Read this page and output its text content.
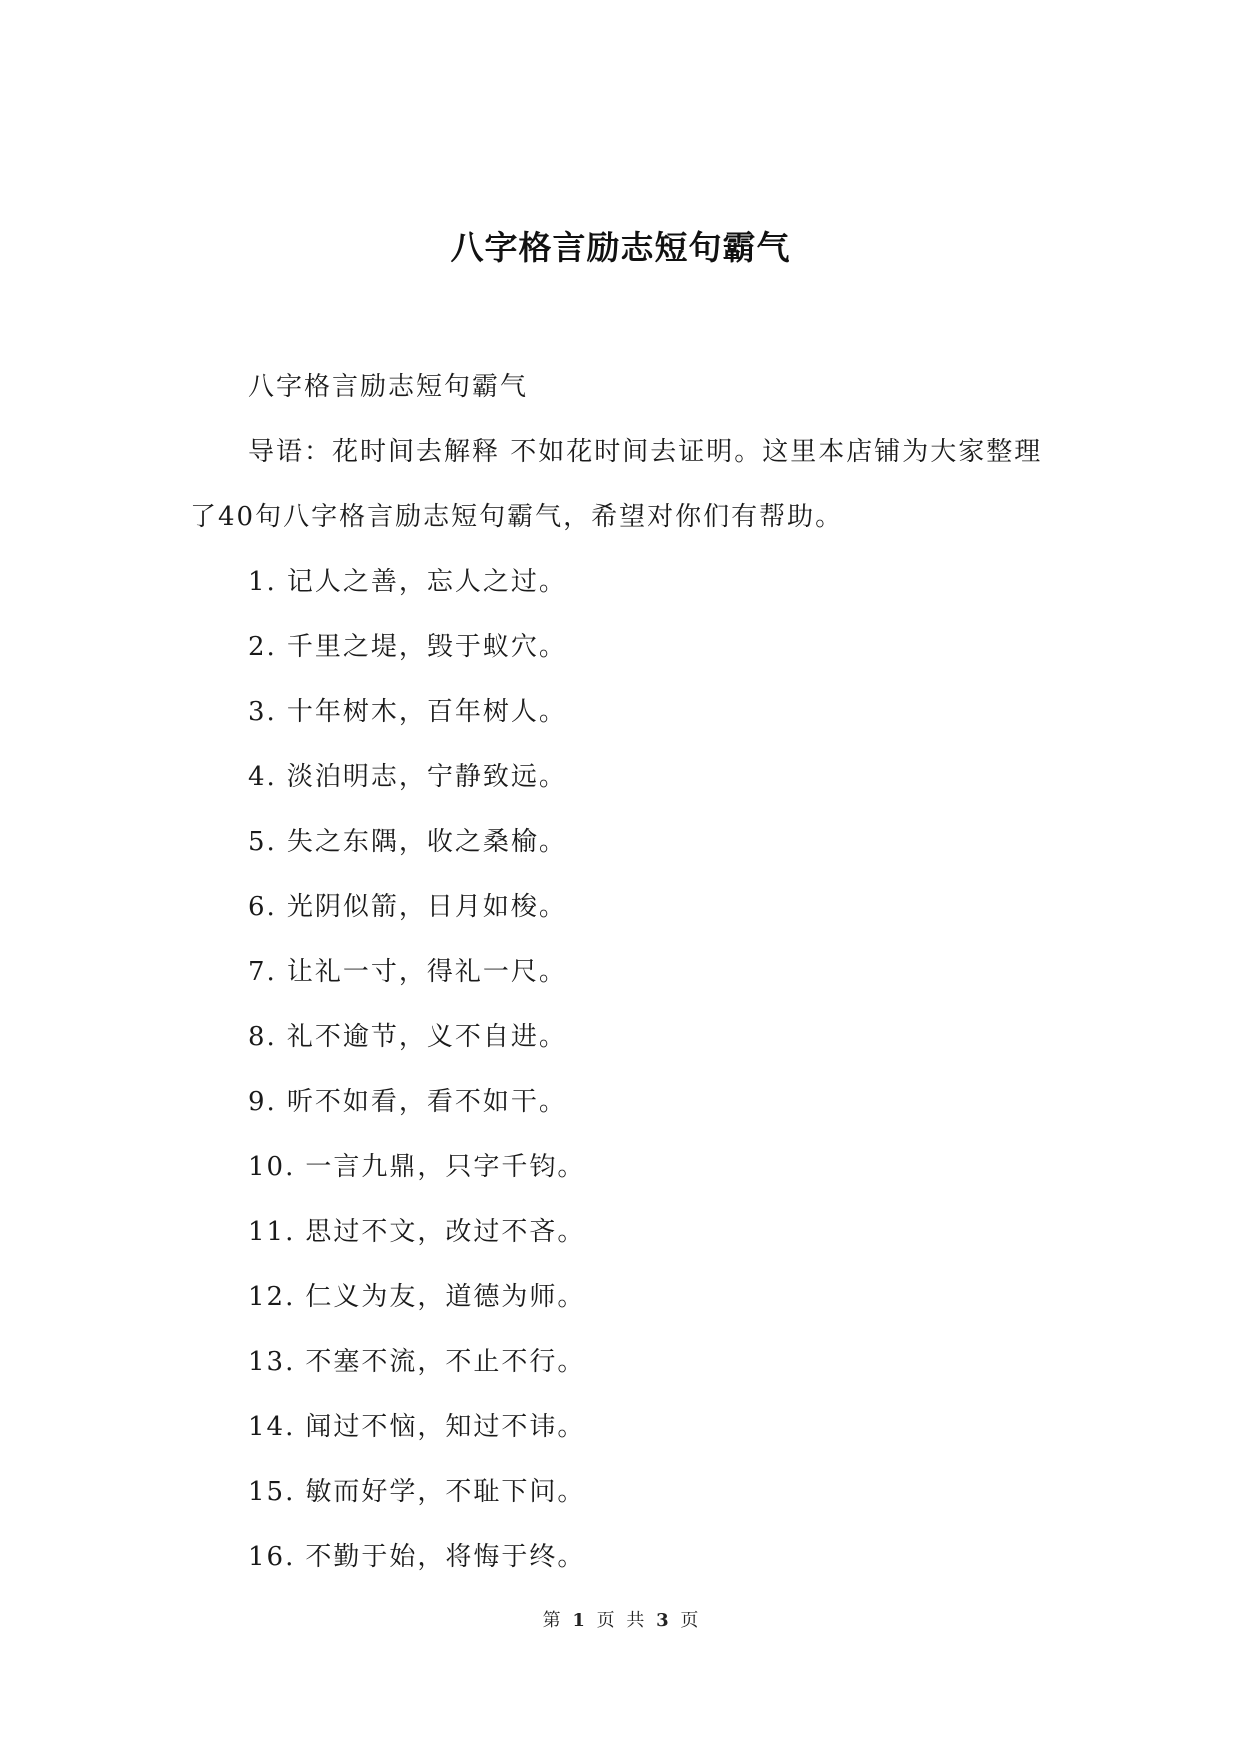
八字格言励志短句霸气

八字格言励志短句霸气

导语：花时间去解释 不如花时间去证明。这里本店铺为大家整理了40句八字格言励志短句霸气，希望对你们有帮助。

1. 记人之善，忘人之过。
2. 千里之堤，毁于蚁穴。
3. 十年树木，百年树人。
4. 淡泊明志，宁静致远。
5. 失之东隅，收之桑榆。
6. 光阴似箭，日月如梭。
7. 让礼一寸，得礼一尺。
8. 礼不逾节，义不自进。
9. 听不如看，看不如干。
10. 一言九鼎，只字千钧。
11. 思过不文，改过不吝。
12. 仁义为友，道德为师。
13. 不塞不流，不止不行。
14. 闻过不恼，知过不讳。
15. 敏而好学，不耻下问。
16. 不勤于始，将悔于终。
第 1 页 共 3 页
